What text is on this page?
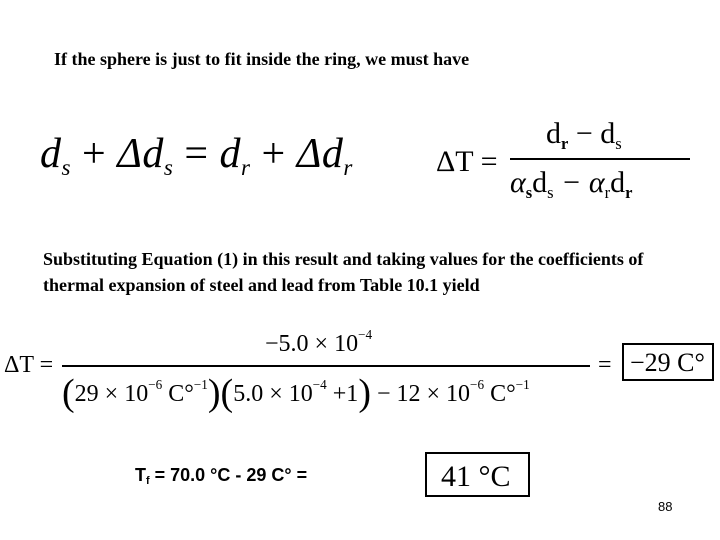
If the sphere is just to fit inside the ring, we must have
$d_s + \Delta d_s = d_r + \Delta d_r$	ΔT =
dr − $d_s$
$\alpha sd_s - \alpha_rdr$
Substituting Equation (1) in this result and taking values for the coefficients of thermal expansion of steel and lead from Table 10.1 yield
ΔT =
$-5.0 \times 10^{-4}$
($29 \times 10^{-6}$ $C^\circ^{-1})(5.0 \times 10^{-4} +1) - 12 \times 10^{-6}$ C°$^{-1}$
= −29 C°
Tf = 70.0 °C - 29 C° =	41 °C
88
